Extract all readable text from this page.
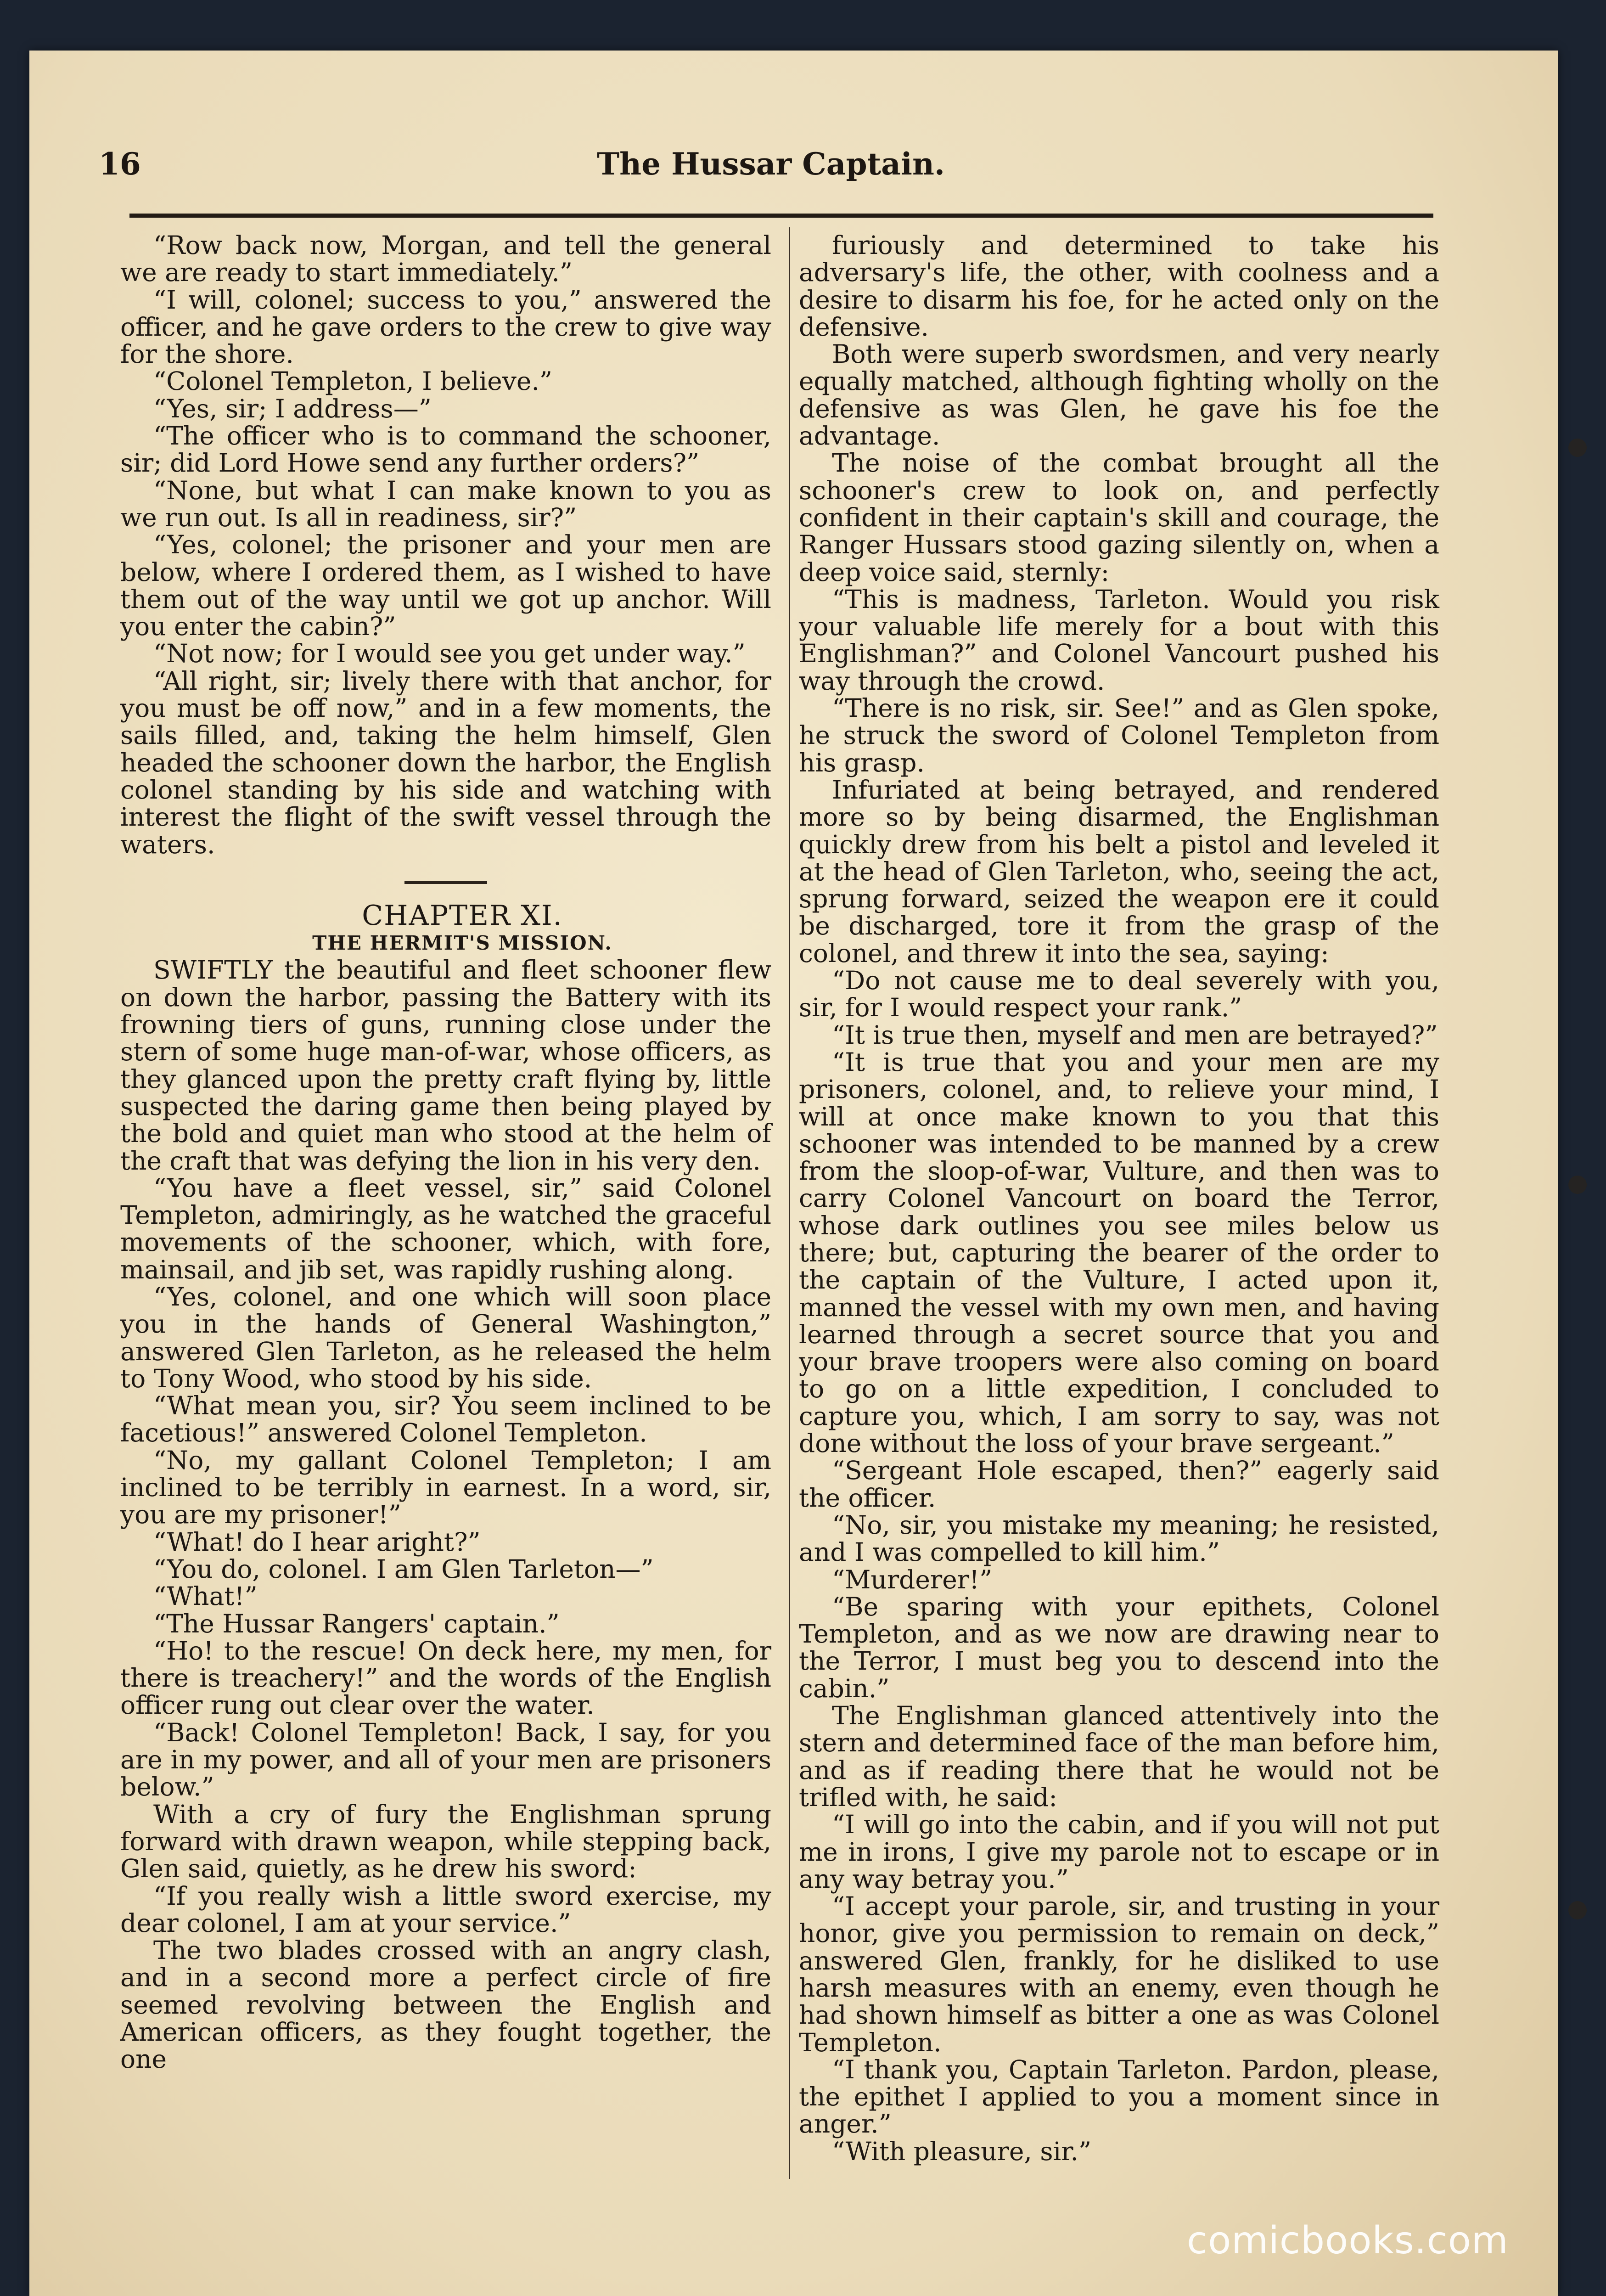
16	The Hussar Captain.

“Row back now, Morgan, and tell the general we are ready to start immediately.”

“I will, colonel; success to you,” answered the officer, and he gave orders to the crew to give way for the shore.

“Colonel Templeton, I believe.”

“Yes, sir; I address—”

“The officer who is to command the schooner, sir; did Lord Howe send any further orders?”

“None, but what I can make known to you as we run out. Is all in readiness, sir?”

“Yes, colonel; the prisoner and your men are below, where I ordered them, as I wished to have them out of the way until we got up anchor. Will you enter the cabin?”

“Not now; for I would see you get under way.”

“All right, sir; lively there with that anchor, for you must be off now,” and in a few moments, the sails filled, and, taking the helm himself, Glen headed the schooner down the harbor, the English colonel standing by his side and watching with interest the flight of the swift vessel through the waters.

CHAPTER XI.

THE HERMIT'S MISSION.

SWIFTLY the beautiful and fleet schooner flew on down the harbor, passing the Battery with its frowning tiers of guns, running close under the stern of some huge man-of-war, whose officers, as they glanced upon the pretty craft flying by, little suspected the daring game then being played by the bold and quiet man who stood at the helm of the craft that was defying the lion in his very den.

“You have a fleet vessel, sir,” said Colonel Templeton, admiringly, as he watched the graceful movements of the schooner, which, with fore, mainsail, and jib set, was rapidly rushing along.

“Yes, colonel, and one which will soon place you in the hands of General Washington,” answered Glen Tarleton, as he released the helm to Tony Wood, who stood by his side.

“What mean you, sir? You seem inclined to be facetious!” answered Colonel Templeton.

“No, my gallant Colonel Templeton; I am inclined to be terribly in earnest. In a word, sir, you are my prisoner!”

“What! do I hear aright?”

“You do, colonel. I am Glen Tarleton—”

“What!”

“The Hussar Rangers' captain.”

“Ho! to the rescue! On deck here, my men, for there is treachery!” and the words of the English officer rung out clear over the water.

“Back! Colonel Templeton! Back, I say, for you are in my power, and all of your men are prisoners below.”

With a cry of fury the Englishman sprung forward with drawn weapon, while stepping back, Glen said, quietly, as he drew his sword:

“If you really wish a little sword exercise, my dear colonel, I am at your service.”

The two blades crossed with an angry clash, and in a second more a perfect circle of fire seemed revolving between the English and American officers, as they fought together, the one

furiously and determined to take his adversary's life, the other, with coolness and a desire to disarm his foe, for he acted only on the defensive.

Both were superb swordsmen, and very nearly equally matched, although fighting wholly on the defensive as was Glen, he gave his foe the advantage.

The noise of the combat brought all the schooner's crew to look on, and perfectly confident in their captain's skill and courage, the Ranger Hussars stood gazing silently on, when a deep voice said, sternly:

“This is madness, Tarleton. Would you risk your valuable life merely for a bout with this Englishman?” and Colonel Vancourt pushed his way through the crowd.

“There is no risk, sir. See!” and as Glen spoke, he struck the sword of Colonel Templeton from his grasp.

Infuriated at being betrayed, and rendered more so by being disarmed, the Englishman quickly drew from his belt a pistol and leveled it at the head of Glen Tarleton, who, seeing the act, sprung forward, seized the weapon ere it could be discharged, tore it from the grasp of the colonel, and threw it into the sea, saying:

“Do not cause me to deal severely with you, sir, for I would respect your rank.”

“It is true then, myself and men are betrayed?”

“It is true that you and your men are my prisoners, colonel, and, to relieve your mind, I will at once make known to you that this schooner was intended to be manned by a crew from the sloop-of-war, Vulture, and then was to carry Colonel Vancourt on board the Terror, whose dark outlines you see miles below us there; but, capturing the bearer of the order to the captain of the Vulture, I acted upon it, manned the vessel with my own men, and having learned through a secret source that you and your brave troopers were also coming on board to go on a little expedition, I concluded to capture you, which, I am sorry to say, was not done without the loss of your brave sergeant.”

“Sergeant Hole escaped, then?” eagerly said the officer.

“No, sir, you mistake my meaning; he resisted, and I was compelled to kill him.”

“Murderer!”

“Be sparing with your epithets, Colonel Templeton, and as we now are drawing near to the Terror, I must beg you to descend into the cabin.”

The Englishman glanced attentively into the stern and determined face of the man before him, and as if reading there that he would not be trifled with, he said:

“I will go into the cabin, and if you will not put me in irons, I give my parole not to escape or in any way betray you.”

“I accept your parole, sir, and trusting in your honor, give you permission to remain on deck,” answered Glen, frankly, for he disliked to use harsh measures with an enemy, even though he had shown himself as bitter a one as was Colonel Templeton.

“I thank you, Captain Tarleton. Pardon, please, the epithet I applied to you a moment since in anger.”

“With pleasure, sir.”

comicbooks.com
